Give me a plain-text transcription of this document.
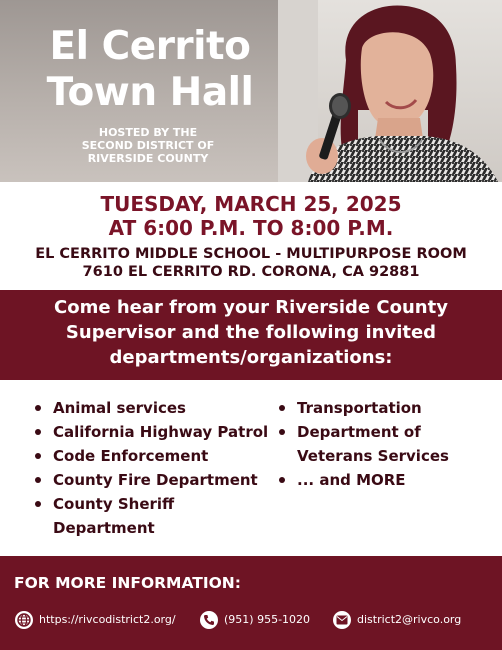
El Cerrito
Town Hall
HOSTED BY THE
SECOND DISTRICT OF
RIVERSIDE COUNTY
TUESDAY, MARCH 25, 2025
AT 6:00 P.M. TO 8:00 P.M.
EL CERRITO MIDDLE SCHOOL - MULTIPURPOSE ROOM
7610 EL CERRITO RD. CORONA, CA 92881
Come hear from your Riverside County
Supervisor and the following invited
departments/organizations:
Animal services
California Highway Patrol
Code Enforcement
County Fire Department
County Sheriff
Department
Transportation
Department of
Veterans Services
... and MORE
FOR MORE INFORMATION:
https://rivcodistrict2.org/	(951) 955-1020	district2@rivco.org
